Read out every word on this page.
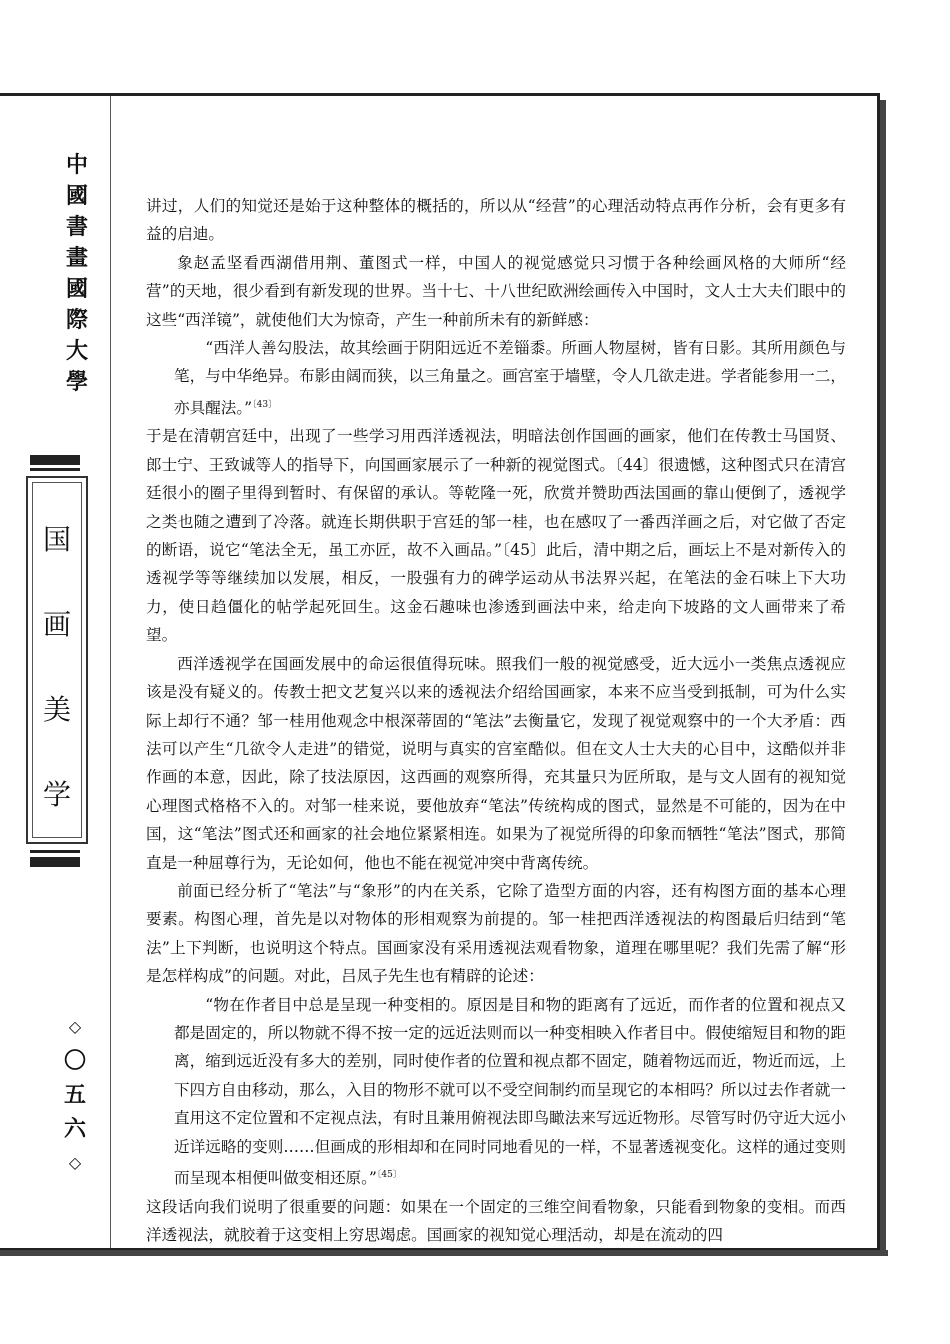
中
國
書
畫
國
際
大
學
国
画
美
学
◇
〇
五
六
◇

讲过，人们的知觉还是始于这种整体的概括的，所以从“经营”的心理活动特点再作分析，会有更多有益的启迪。

象赵孟坚看西湖借用荆、董图式一样，中国人的视觉感觉只习惯于各种绘画风格的大师所“经营”的天地，很少看到有新发现的世界。当十七、十八世纪欧洲绘画传入中国时，文人士大夫们眼中的这些“西洋镜”，就使他们大为惊奇，产生一种前所未有的新鲜感：

“西洋人善勾股法，故其绘画于阴阳远近不差锱黍。所画人物屋树，皆有日影。其所用颜色与笔，与中华绝异。布影由阔而狭，以三角量之。画宫室于墙壁，令人几欲走进。学者能参用一二，亦具醒法。”$^{〔43〕}$

于是在清朝宫廷中，出现了一些学习用西洋透视法，明暗法创作国画的画家，他们在传教士马国贤、郎士宁、王致诚等人的指导下，向国画家展示了一种新的视觉图式。〔44〕很遗憾，这种图式只在清宫廷很小的圈子里得到暂时、有保留的承认。等乾隆一死，欣赏并赞助西法国画的靠山便倒了，透视学之类也随之遭到了冷落。就连长期供职于宫廷的邹一桂，也在感叹了一番西洋画之后，对它做了否定的断语，说它“笔法全无，虽工亦匠，故不入画品。”〔45〕此后，清中期之后，画坛上不是对新传入的透视学等等继续加以发展，相反，一股强有力的碑学运动从书法界兴起，在笔法的金石味上下大功力，使日趋僵化的帖学起死回生。这金石趣味也渗透到画法中来，给走向下坡路的文人画带来了希望。

西洋透视学在国画发展中的命运很值得玩味。照我们一般的视觉感受，近大远小一类焦点透视应该是没有疑义的。传教士把文艺复兴以来的透视法介绍给国画家，本来不应当受到抵制，可为什么实际上却行不通？邹一桂用他观念中根深蒂固的“笔法”去衡量它，发现了视觉观察中的一个大矛盾：西法可以产生“几欲令人走进”的错觉，说明与真实的宫室酷似。但在文人士大夫的心目中，这酷似并非作画的本意，因此，除了技法原因，这西画的观察所得，充其量只为匠所取，是与文人固有的视知觉心理图式格格不入的。对邹一桂来说，要他放弃“笔法”传统构成的图式，显然是不可能的，因为在中国，这“笔法”图式还和画家的社会地位紧紧相连。如果为了视觉所得的印象而牺牲“笔法”图式，那简直是一种屈尊行为，无论如何，他也不能在视觉冲突中背离传统。

前面已经分析了“笔法”与“象形”的内在关系，它除了造型方面的内容，还有构图方面的基本心理要素。构图心理，首先是以对物体的形相观察为前提的。邹一桂把西洋透视法的构图最后归结到“笔法”上下判断，也说明这个特点。国画家没有采用透视法观看物象，道理在哪里呢？我们先需了解“形是怎样构成”的问题。对此，吕凤子先生也有精辟的论述：

“物在作者目中总是呈现一种变相的。原因是目和物的距离有了远近，而作者的位置和视点又都是固定的，所以物就不得不按一定的远近法则而以一种变相映入作者目中。假使缩短目和物的距离，缩到远近没有多大的差别，同时使作者的位置和视点都不固定，随着物远而近，物近而远，上下四方自由移动，那么，入目的物形不就可以不受空间制约而呈现它的本相吗？所以过去作者就一直用这不定位置和不定视点法，有时且兼用俯视法即鸟瞰法来写远近物形。尽管写时仍守近大远小近详远略的变则……但画成的形相却和在同时同地看见的一样，不显著透视变化。这样的通过变则而呈现本相便叫做变相还原。”$^{〔45〕}$

这段话向我们说明了很重要的问题：如果在一个固定的三维空间看物象，只能看到物象的变相。而西洋透视法，就胶着于这变相上穷思竭虑。国画家的视知觉心理活动，却是在流动的四
